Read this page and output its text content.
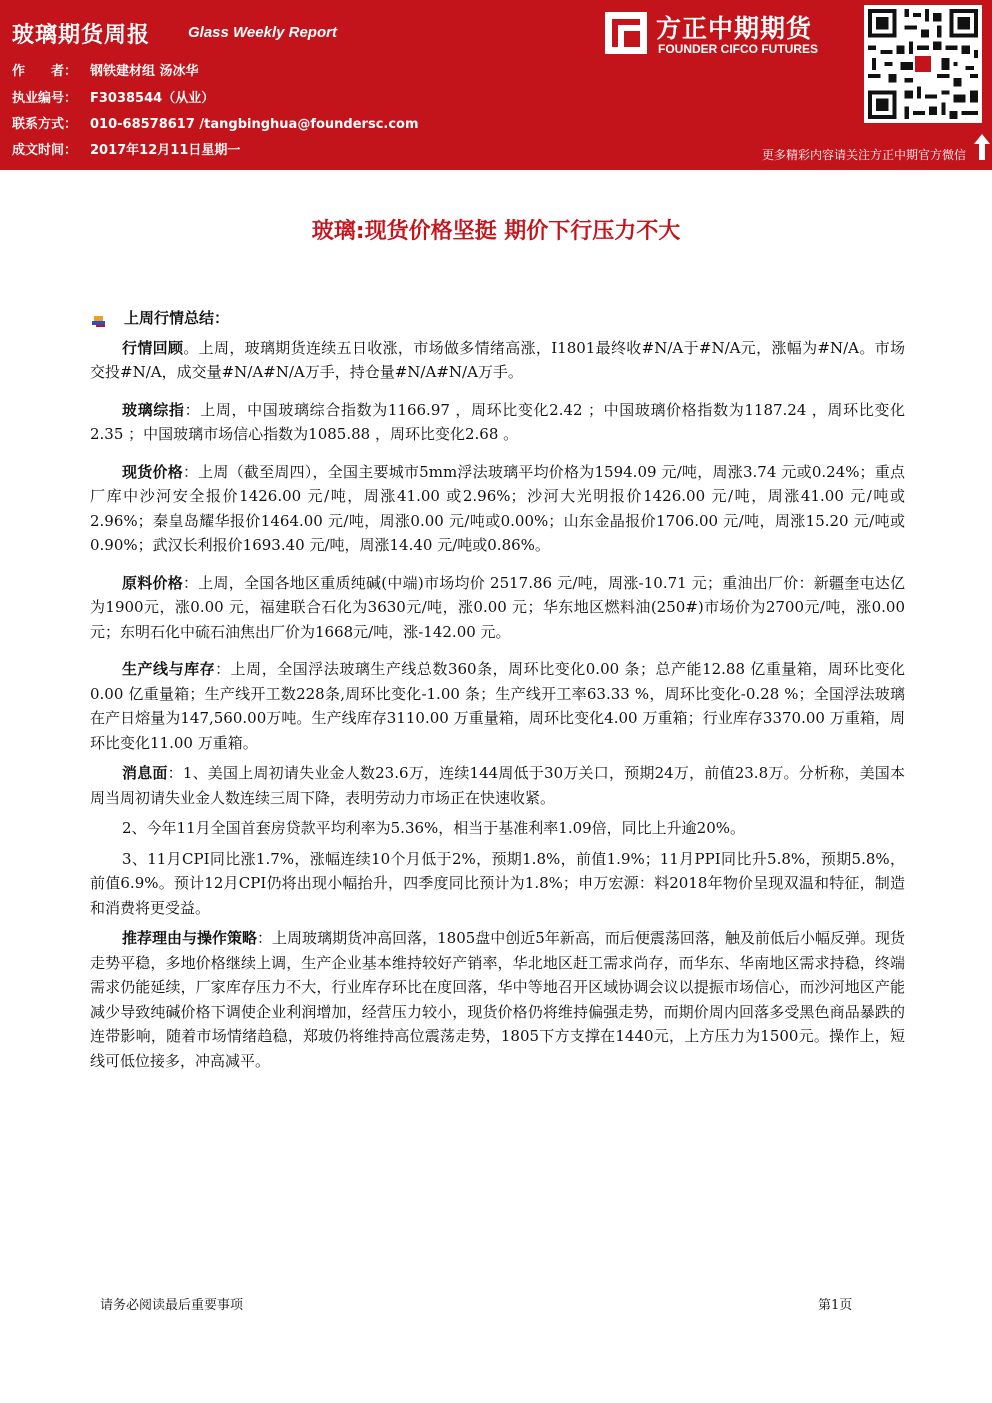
玻璃期货周报	Glass Weekly Report
作　　者： 钢铁建材组 汤冰华
执业编号： F3038544（从业）
联系方式： 010-68578617 /tangbinghua@foundersc.com
成文时间： 2017年12月11日星期一
方正中期期货
FOUNDER CIFCO FUTURES
更多精彩内容请关注方正中期官方微信
玻璃:现货价格坚挺 期价下行压力不大

上周行情总结：

行情回顾。上周，玻璃期货连续五日收涨，市场做多情绪高涨，I1801最终收#N/A于#N/A元，涨幅为#N/A。市场交投#N/A，成交量#N/A#N/A万手，持仓量#N/A#N/A万手。

玻璃综指：上周，中国玻璃综合指数为1166.97 ，周环比变化2.42 ；中国玻璃价格指数为1187.24 ，周环比变化2.35 ；中国玻璃市场信心指数为1085.88 ，周环比变化2.68 。

现货价格：上周（截至周四），全国主要城市5mm浮法玻璃平均价格为1594.09 元/吨，周涨3.74 元或0.24%；重点厂库中沙河安全报价1426.00 元/吨，周涨41.00 或2.96%；沙河大光明报价1426.00 元/吨，周涨41.00 元/吨或2.96%；秦皇岛耀华报价1464.00 元/吨，周涨0.00 元/吨或0.00%；山东金晶报价1706.00 元/吨，周涨15.20 元/吨或0.90%；武汉长利报价1693.40 元/吨，周涨14.40 元/吨或0.86%。

原料价格：上周，全国各地区重质纯碱(中端)市场均价 2517.86 元/吨，周涨-10.71 元；重油出厂价：新疆奎屯达亿为1900元，涨0.00 元，福建联合石化为3630元/吨，涨0.00 元；华东地区燃料油(250#)市场价为2700元/吨，涨0.00 元；东明石化中硫石油焦出厂价为1668元/吨，涨-142.00 元。

生产线与库存：上周，全国浮法玻璃生产线总数360条，周环比变化0.00 条；总产能12.88 亿重量箱，周环比变化0.00 亿重量箱；生产线开工数228条,周环比变化-1.00 条；生产线开工率63.33 %，周环比变化-0.28 %；全国浮法玻璃在产日熔量为147,560.00万吨。生产线库存3110.00 万重量箱，周环比变化4.00 万重箱；行业库存3370.00 万重箱，周环比变化11.00 万重箱。

消息面：1、美国上周初请失业金人数23.6万，连续144周低于30万关口，预期24万，前值23.8万。分析称，美国本周当周初请失业金人数连续三周下降，表明劳动力市场正在快速收紧。

2、今年11月全国首套房贷款平均利率为5.36%，相当于基准利率1.09倍，同比上升逾20%。

3、11月CPI同比涨1.7%，涨幅连续10个月低于2%，预期1.8%，前值1.9%；11月PPI同比升5.8%，预期5.8%，前值6.9%。预计12月CPI仍将出现小幅抬升，四季度同比预计为1.8%；申万宏源：料2018年物价呈现双温和特征，制造和消费将更受益。

推荐理由与操作策略：上周玻璃期货冲高回落，1805盘中创近5年新高，而后便震荡回落，触及前低后小幅反弹。现货走势平稳，多地价格继续上调，生产企业基本维持较好产销率，华北地区赶工需求尚存，而华东、华南地区需求持稳，终端需求仍能延续，厂家库存压力不大，行业库存环比在度回落，华中等地召开区域协调会议以提振市场信心，而沙河地区产能减少导致纯碱价格下调使企业利润增加，经营压力较小，现货价格仍将维持偏强走势，而期价周内回落多受黑色商品暴跌的连带影响，随着市场情绪趋稳，郑玻仍将维持高位震荡走势，1805下方支撑在1440元，上方压力为1500元。操作上，短线可低位接多，冲高减平。

请务必阅读最后重要事项	第1页
